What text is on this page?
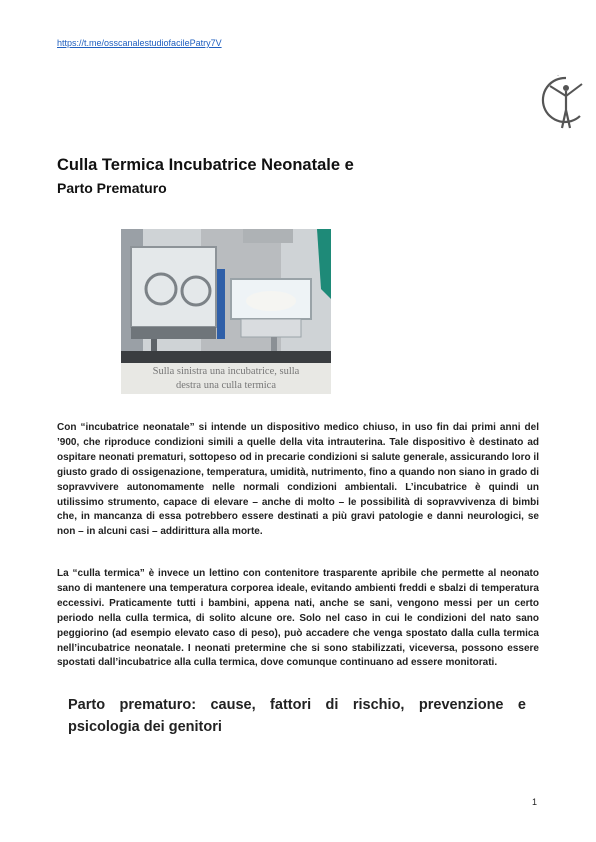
https://t.me/osscanalestudiofacilePatry7V
~
Culla Termica Incubatrice Neonatale e
Parto Prematuro
Sulla sinistra una incubatrice, sulla
destra una culla termica

Con “incubatrice neonatale” si intende un dispositivo medico chiuso, in uso fin dai primi anni del ’900, che riproduce condizioni simili a quelle della vita intrauterina. Tale dispositivo è destinato ad ospitare neonati prematuri, sottopeso od in precarie condizioni si salute generale, assicurando loro il giusto grado di ossigenazione, temperatura, umidità, nutrimento, fino a quando non siano in grado di sopravvivere autonomamente nelle normali condizioni ambientali. L’incubatrice è quindi un utilissimo strumento, capace di elevare – anche di molto – le possibilità di sopravvivenza di bimbi che, in mancanza di essa potrebbero essere destinati a più gravi patologie e danni neurologici, se non – in alcuni casi – addirittura alla morte.

La “culla termica” è invece un lettino con contenitore trasparente apribile che permette al neonato sano di mantenere una temperatura corporea ideale, evitando ambienti freddi e sbalzi di temperatura eccessivi. Praticamente tutti i bambini, appena nati, anche se sani, vengono messi per un certo periodo nella culla termica, di solito alcune ore. Solo nel caso in cui le condizioni del nato sano peggiorino (ad esempio elevato caso di peso), può accadere che venga spostato dalla culla termica nell’incubatrice neonatale. I neonati pretermine che si sono stabilizzati, viceversa, possono essere spostati dall’incubatrice alla culla termica, dove comunque continuano ad essere monitorati.

Parto prematuro: cause, fattori di rischio, prevenzione e psicologia dei genitori
1
